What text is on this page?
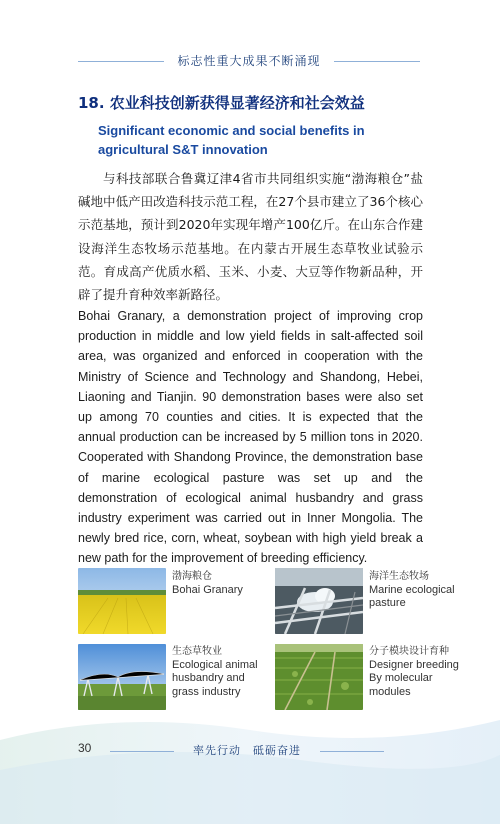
标志性重大成果不断涌现
18. 农业科技创新获得显著经济和社会效益
Significant economic and social benefits in agricultural S&T innovation

与科技部联合鲁冀辽津4省市共同组织实施“渤海粮仓”盐碱地中低产田改造科技示范工程，在27个县市建立了36个核心示范基地，预计到2020年实现年增产100亿斤。在山东合作建设海洋生态牧场示范基地。在内蒙古开展生态草牧业试验示范。育成高产优质水稻、玉米、小麦、大豆等作物新品种，开辟了提升育种效率新路径。

Bohai Granary, a demonstration project of improving crop production in middle and low yield fields in salt-affected soil area, was organized and enforced in cooperation with the Ministry of Science and Technology and Shandong, Hebei, Liaoning and Tianjin. 90 demonstration bases were also set up among 70 counties and cities. It is expected that the annual production can be increased by 5 million tons in 2020. Cooperated with Shandong Province, the demonstration base of marine ecological pasture was set up and the demonstration of ecological animal husbandry and grass industry experiment was carried out in Inner Mongolia. The newly bred rice, corn, wheat, soybean with high yield break a new path for the improvement of breeding efficiency.

渤海粮仓
Bohai Granary
海洋生态牧场
Marine ecological pasture
生态草牧业
Ecological animal husbandry and grass industry
分子模块设计育种
Designer breeding By molecular modules
30	率先行动　砥砺奋进
